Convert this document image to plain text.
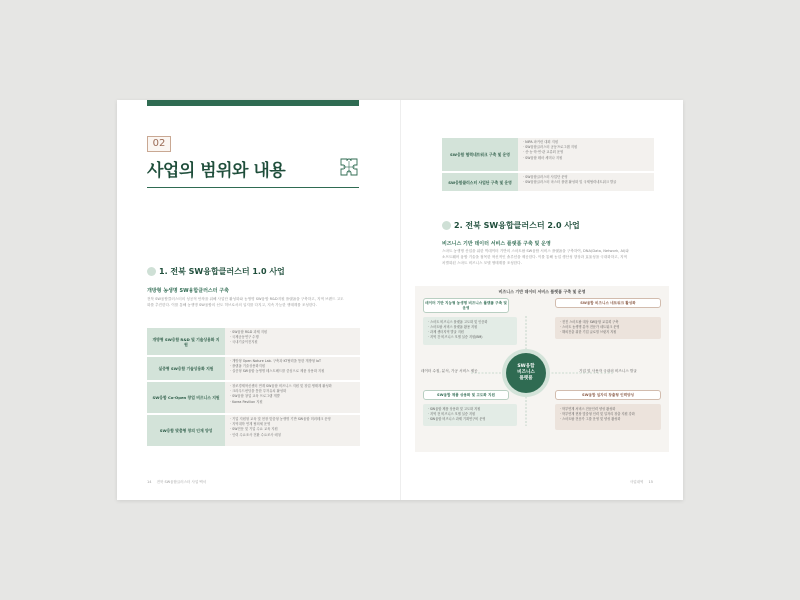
02
사업의 범위와 내용
1. 전북 SW융합클러스터 1.0 사업
개방형 농생명 SW융합클러스터 구축
전북 SW융합클러스터의 성공적 안착을 위해 사업단 활성화와 농생명 SW융합 R&D지원 플랫폼을 구축하고, 지역 브랜드 고도
화를 추진한다. 이를 통해 농생명 SW융합의 선도 허브로서의 입지를 다지고, 지속 가능한 생태계를 조성한다.
개방형 SW융합 R&D 및 기술상용화 지원
· SW융합 R&D 과제 지원
· 국제공동연구 수행
· 국내기술이전지원
실증형 SW융합 기술상용화 지원
· 개방형 Open Nature Lab. 구축과 KT협력을 통한 개방형 IoT
· 플랫폼 기술상용화지원
· 실증형 SW융합 농생명 테스트베드를 중심으로 제품 상용화 지원
SW융합 Co-Open 창업 비즈니스 지원
· 창조경제혁신센터 연계 SW융합 비즈니스 지원 및 창업 생태계 활성화
· 크라우드펀딩을 통한 투자유치 활성화
· SW융합 창업 교육 프로그램 개발
· Korea Pavilion 지원
SW융합 맞춤형 창의 인재 양성
· 기업 지원형 교육 및 현장 맞춤형 농생명 기반 SW융합 미러테크 운영
· 지역대학 연계 협의체 운영
· SW전문 및 기업 수요 교육 지원
· 인력 수요조사 전환 수요조사 매칭
14 전북 SW융합클러스터 사업 백서
SW융합 협력네트워크 구축 및 운영
· NIPA 파커런 대회 지원
· SW융합클러스터 공동프로그램 지원
· 산·농·학·연·관 교류회 운영
· SW융합 테마 세미나 지원
SW융합클러스터 사업단 구축 및 운영
· SW융합클러스터 사업단 운영
· SW융합클러스터 마스터 플랜 활성화 및 국제협력네트워크 발굴
2. 전북 SW융합클러스터 2.0 사업
비즈니스 기반 데이터 서비스 플랫폼 구축 및 운영
스마트 농생명 산업을 위한 빅데이터 기반의 스마트팜 SW융합 서비스 플랫폼을 구축하여, DNA(Data, Network, AI)와
소프트웨어 융합 기술을 접목한 혁신적인 솔루션을 제공한다. 이를 통해 농업 생산성 향상과 효율성을 극대화하고, 지역
차별화된 스마트 비즈니스 모델 생태계를 조성한다.
비즈니스 기반 데이터 서비스 플랫폼 구축 및 운영
데이터 기반 지능형 농생명 비즈니스 플랫폼 구축 및 운영
SW융합 비즈니스 네트워크 활성화
· 스마트 비즈니스 플랫폼 고도화 및 인증화
· 스마트팜 서비스 플랫폼 활용 지원
· 과제 센터지역 발굴 지원
· 지역 간 비즈니스 모델 실증 지원(BM)
· 전진 스마트팜 대상 SW융합 교류회 구축
· 스마트 농생명 분야 전문가 네트워크 운영
· 해외진출 위한 기업 글로벌 브릿지 지원
데이터 수집, 분석, 가공 서비스 제공	기업 및 사용자 국내외 비즈니스 발굴
SW융합
비즈니스
플랫폼
SW융합 제품 상용화 및 고도화 지원	SW융합 일자리 창출형 인력양성
· SW융합 제품 상용화 및 고도화 지원
· 지역 전 비즈니스 모델 실증 지원
· SW융합 비즈니스 과제 기획연구비 운영
· 학부연계 서비스 전문인력 양성 활성화
· 학부연계 현장 맞춤형 인력 및 일자리 창출 지원 강화
· 스마트팜 전문가 그룹 운영 및 양성 활성화
사업내역 15
